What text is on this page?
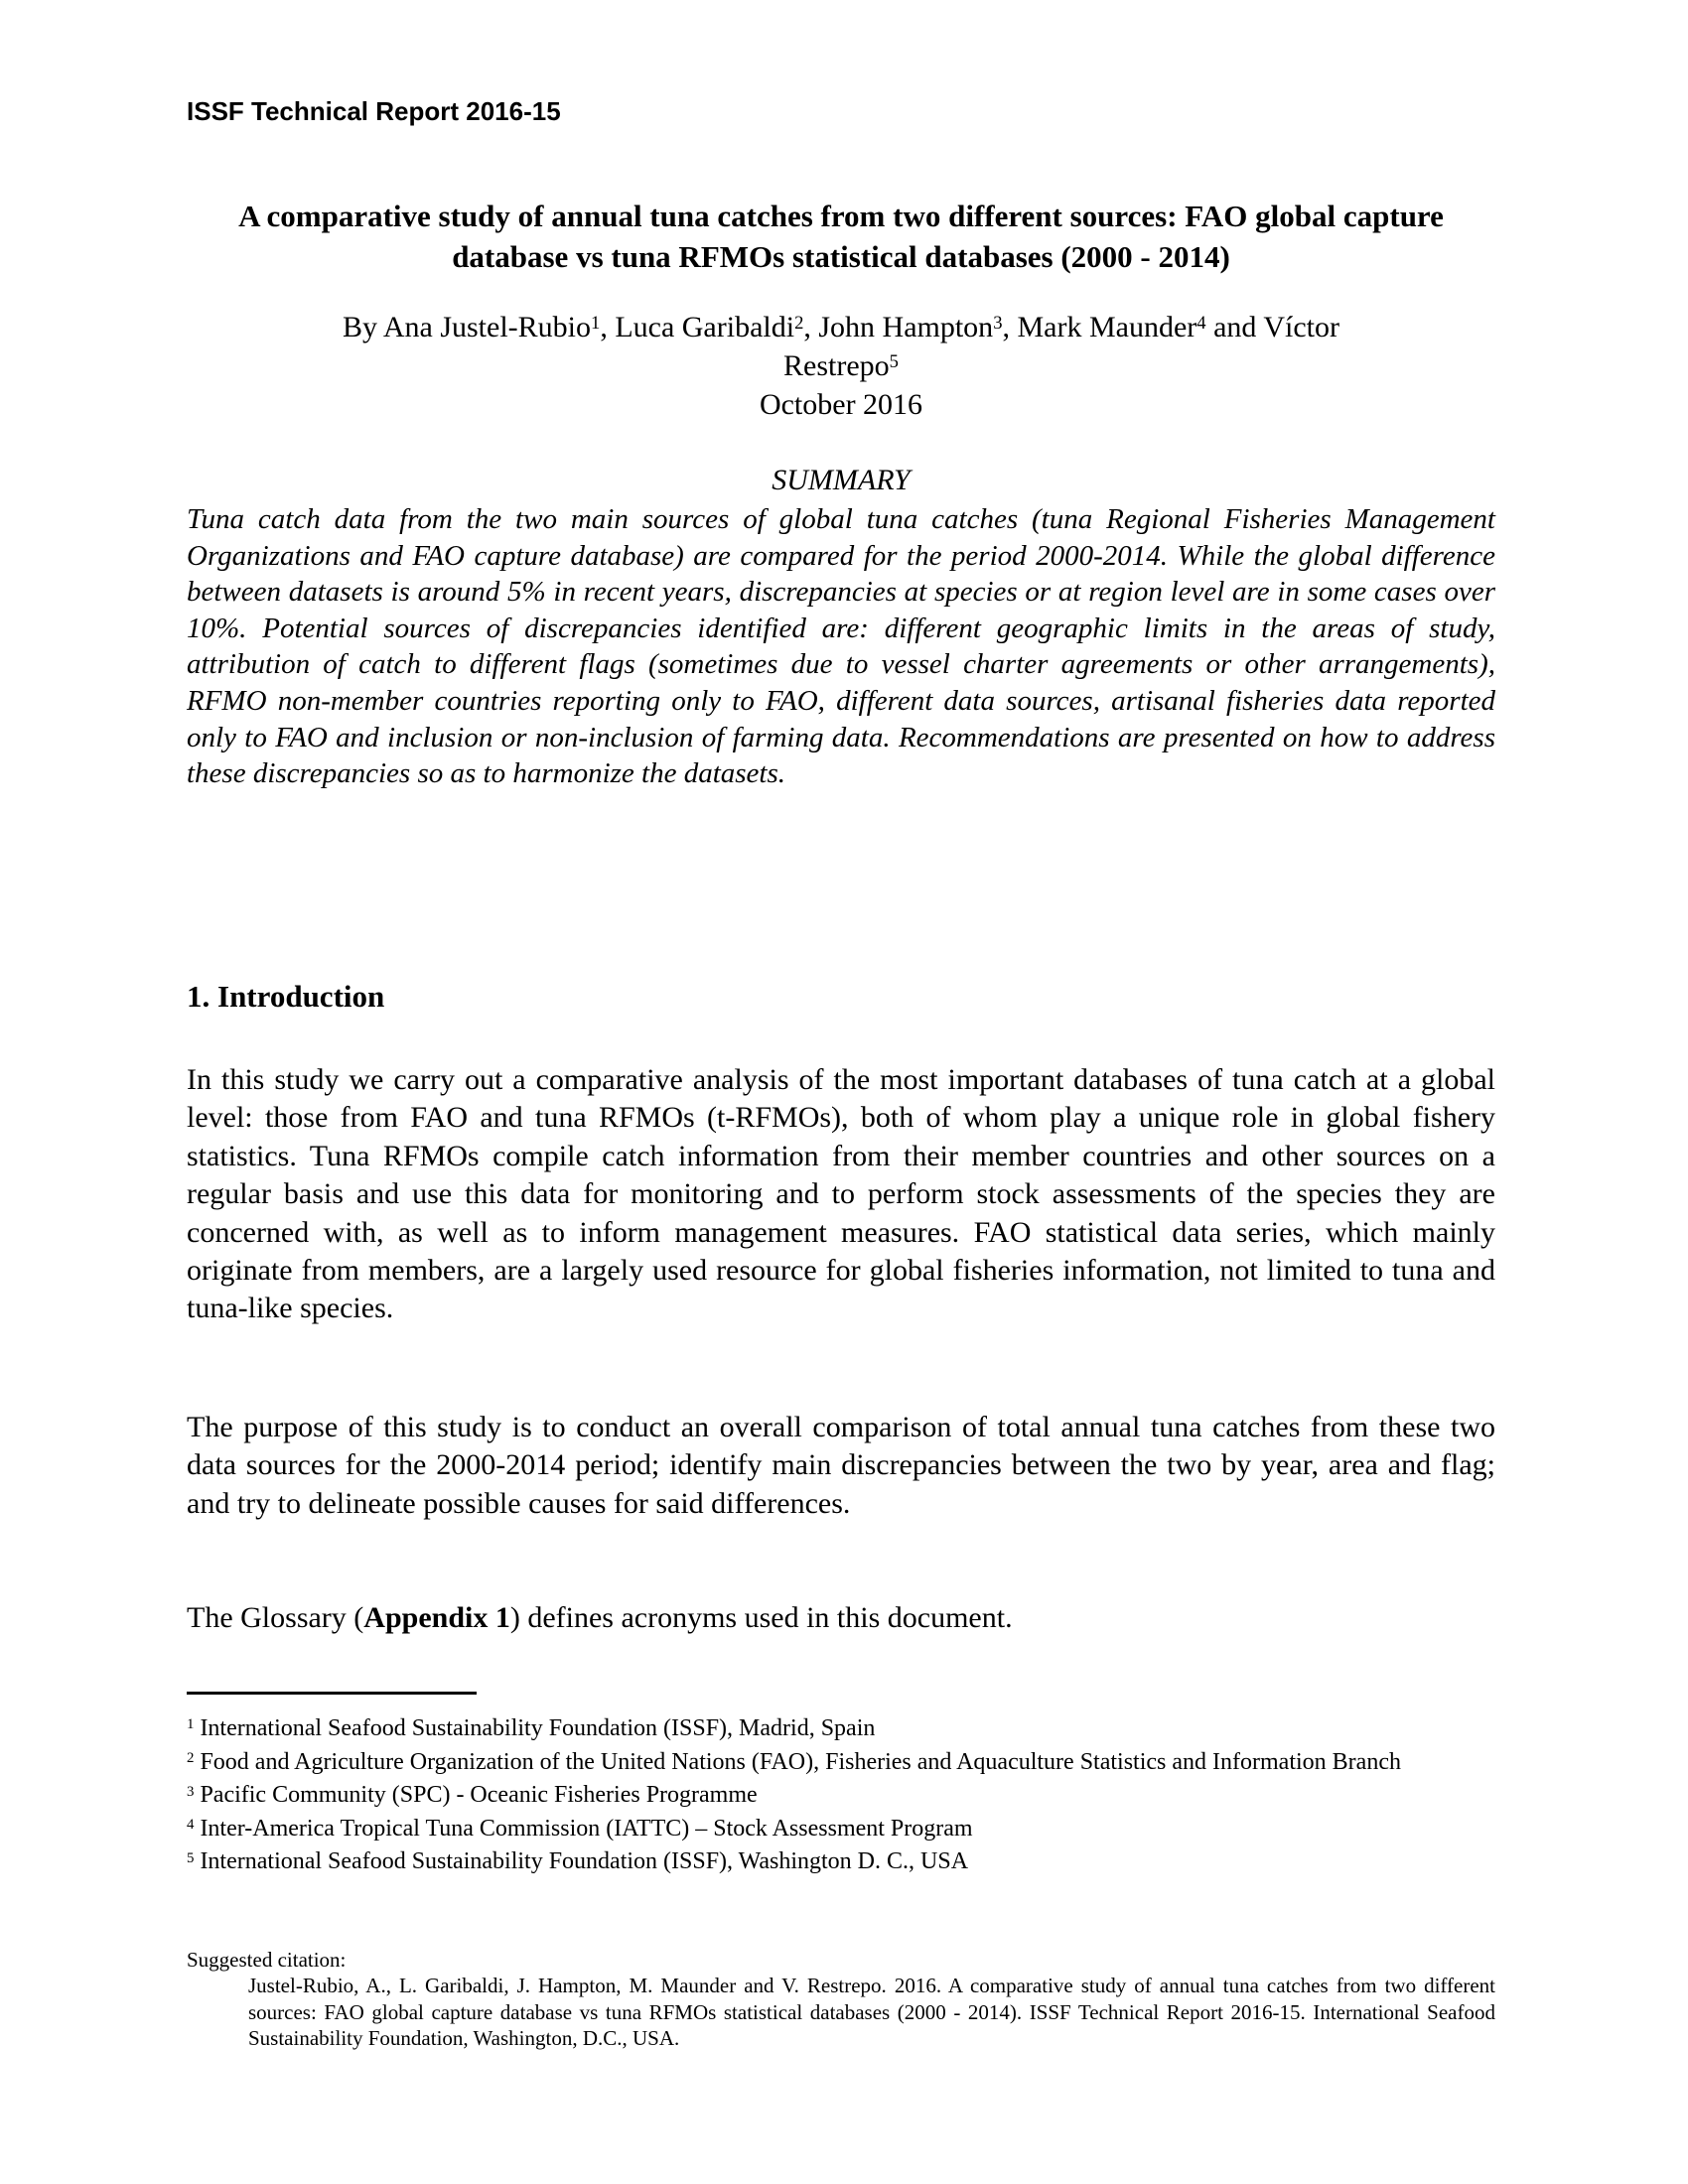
ISSF Technical Report 2016-15
A comparative study of annual tuna catches from two different sources: FAO global capture database vs tuna RFMOs statistical databases (2000 - 2014)
By Ana Justel-Rubio$^1$, Luca Garibaldi$^2$, John Hampton$^3$, Mark Maunder$^4$ and Víctor
Restrepo$^5$
October 2016
SUMMARY
Tuna catch data from the two main sources of global tuna catches (tuna Regional Fisheries Management Organizations and FAO capture database) are compared for the period 2000-2014. While the global difference between datasets is around 5% in recent years, discrepancies at species or at region level are in some cases over 10%. Potential sources of discrepancies identified are: different geographic limits in the areas of study, attribution of catch to different flags (sometimes due to vessel charter agreements or other arrangements), RFMO non-member countries reporting only to FAO, different data sources, artisanal fisheries data reported only to FAO and inclusion or non-inclusion of farming data. Recommendations are presented on how to address these discrepancies so as to harmonize the datasets.
1. Introduction
In this study we carry out a comparative analysis of the most important databases of tuna catch at a global level: those from FAO and tuna RFMOs (t-RFMOs), both of whom play a unique role in global fishery statistics. Tuna RFMOs compile catch information from their member countries and other sources on a regular basis and use this data for monitoring and to perform stock assessments of the species they are concerned with, as well as to inform management measures. FAO statistical data series, which mainly originate from members, are a largely used resource for global fisheries information, not limited to tuna and tuna-like species.
The purpose of this study is to conduct an overall comparison of total annual tuna catches from these two data sources for the 2000-2014 period; identify main discrepancies between the two by year, area and flag; and try to delineate possible causes for said differences.
The Glossary (Appendix 1) defines acronyms used in this document.
$^1$ International Seafood Sustainability Foundation (ISSF), Madrid, Spain
$^2$ Food and Agriculture Organization of the United Nations (FAO), Fisheries and Aquaculture Statistics and Information Branch
$^3$ Pacific Community (SPC) - Oceanic Fisheries Programme
$^4$ Inter-America Tropical Tuna Commission (IATTC) – Stock Assessment Program
$^5$ International Seafood Sustainability Foundation (ISSF), Washington D. C., USA
Suggested citation:
Justel-Rubio, A., L. Garibaldi, J. Hampton, M. Maunder and V. Restrepo. 2016. A comparative study of annual tuna catches from two different sources: FAO global capture database vs tuna RFMOs statistical databases (2000 - 2014). ISSF Technical Report 2016-15. International Seafood Sustainability Foundation, Washington, D.C., USA.
